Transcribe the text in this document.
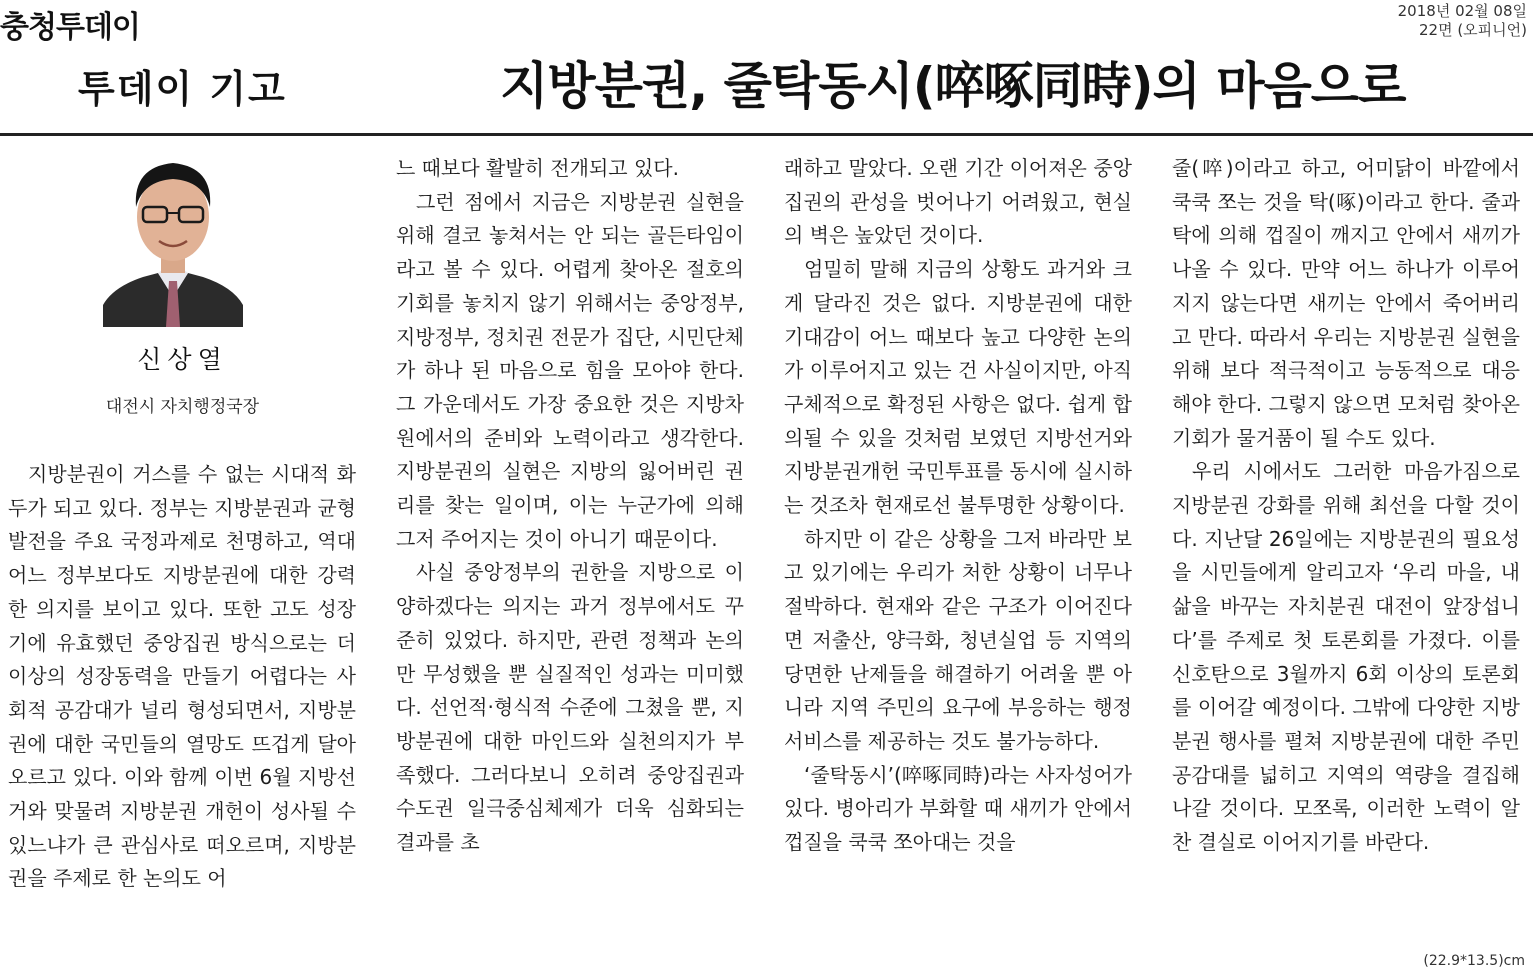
충청투데이	2018년 02월 08일
22면 (오피니언)
투데이 기고	지방분권, 줄탁동시(啐啄同時)의 마음으로
신상열
대전시 자치행정국장

지방분권이 거스를 수 없는 시대적 화두가 되고 있다. 정부는 지방분권과 균형발전을 주요 국정과제로 천명하고, 역대 어느 정부보다도 지방분권에 대한 강력한 의지를 보이고 있다. 또한 고도 성장기에 유효했던 중앙집권 방식으로는 더 이상의 성장동력을 만들기 어렵다는 사회적 공감대가 널리 형성되면서, 지방분권에 대한 국민들의 열망도 뜨겁게 달아오르고 있다. 이와 함께 이번 6월 지방선거와 맞물려 지방분권 개헌이 성사될 수 있느냐가 큰 관심사로 떠오르며, 지방분권을 주제로 한 논의도 어

느 때보다 활발히 전개되고 있다.

그런 점에서 지금은 지방분권 실현을 위해 결코 놓쳐서는 안 되는 골든타임이라고 볼 수 있다. 어렵게 찾아온 절호의 기회를 놓치지 않기 위해서는 중앙정부, 지방정부, 정치권 전문가 집단, 시민단체가 하나 된 마음으로 힘을 모아야 한다. 그 가운데서도 가장 중요한 것은 지방차원에서의 준비와 노력이라고 생각한다. 지방분권의 실현은 지방의 잃어버린 권리를 찾는 일이며, 이는 누군가에 의해 그저 주어지는 것이 아니기 때문이다.

사실 중앙정부의 권한을 지방으로 이양하겠다는 의지는 과거 정부에서도 꾸준히 있었다. 하지만, 관련 정책과 논의만 무성했을 뿐 실질적인 성과는 미미했다. 선언적·형식적 수준에 그쳤을 뿐, 지방분권에 대한 마인드와 실천의지가 부족했다. 그러다보니 오히려 중앙집권과 수도권 일극중심체제가 더욱 심화되는 결과를 초

래하고 말았다. 오랜 기간 이어져온 중앙집권의 관성을 벗어나기 어려웠고, 현실의 벽은 높았던 것이다.

엄밀히 말해 지금의 상황도 과거와 크게 달라진 것은 없다. 지방분권에 대한 기대감이 어느 때보다 높고 다양한 논의가 이루어지고 있는 건 사실이지만, 아직 구체적으로 확정된 사항은 없다. 쉽게 합의될 수 있을 것처럼 보였던 지방선거와 지방분권개헌 국민투표를 동시에 실시하는 것조차 현재로선 불투명한 상황이다.

하지만 이 같은 상황을 그저 바라만 보고 있기에는 우리가 처한 상황이 너무나 절박하다. 현재와 같은 구조가 이어진다면 저출산, 양극화, 청년실업 등 지역의 당면한 난제들을 해결하기 어려울 뿐 아니라 지역 주민의 요구에 부응하는 행정서비스를 제공하는 것도 불가능하다.

‘줄탁동시’(啐啄同時)라는 사자성어가 있다. 병아리가 부화할 때 새끼가 안에서 껍질을 쿡쿡 쪼아대는 것을

줄(啐)이라고 하고, 어미닭이 바깥에서 쿡쿡 쪼는 것을 탁(啄)이라고 한다. 줄과 탁에 의해 껍질이 깨지고 안에서 새끼가 나올 수 있다. 만약 어느 하나가 이루어지지 않는다면 새끼는 안에서 죽어버리고 만다. 따라서 우리는 지방분권 실현을 위해 보다 적극적이고 능동적으로 대응해야 한다. 그렇지 않으면 모처럼 찾아온 기회가 물거품이 될 수도 있다.

우리 시에서도 그러한 마음가짐으로 지방분권 강화를 위해 최선을 다할 것이다. 지난달 26일에는 지방분권의 필요성을 시민들에게 알리고자 ‘우리 마을, 내 삶을 바꾸는 자치분권 대전이 앞장섭니다’를 주제로 첫 토론회를 가졌다. 이를 신호탄으로 3월까지 6회 이상의 토론회를 이어갈 예정이다. 그밖에 다양한 지방분권 행사를 펼쳐 지방분권에 대한 주민 공감대를 넓히고 지역의 역량을 결집해 나갈 것이다. 모쪼록, 이러한 노력이 알찬 결실로 이어지기를 바란다.

(22.9*13.5)cm
